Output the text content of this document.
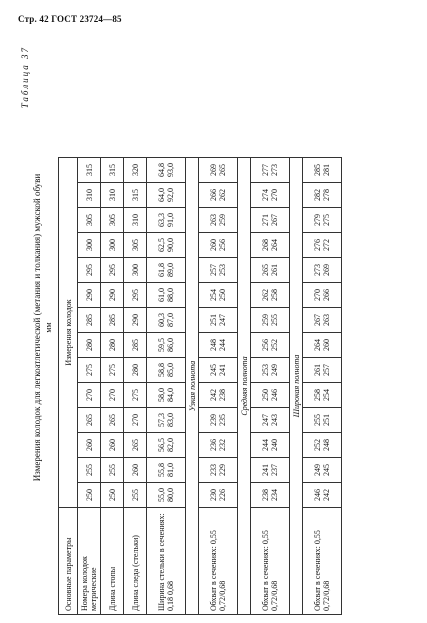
Стр. 42 ГОСТ 23724—85
Таблица 37
Измерения колодок для легкоатлетической (метания и толкания) мужской обуви мм
Основные параметры	Измерения колодок													
Номера колодок метрические	250	255	260	265	270	275	280	285	290	295	300	305	310	315
Длина стопы	250	255	260	265	270	275	280	285	290	295	300	305	310	315
Длина следа (стельки)	255	260	265	270	275	280	285	290	295	300	305	310	315	320
Ширина стельки в сечениях: 0,18 0,68	55,0 80,0	55,8 81,0	56,5 82,0	57,3 83,0	58,0 84,0	58,8 85,0	59,5 86,0	60,3 87,0	61,0 88,0	61,8 89,0	62,5 90,0	63,3 91,0	64,0 92,0	64,8 93,0

Узкая полнота														
Обхват в сечениях: 0,55 0,72/0,68	230 226	233 229	236 232	239 235	242 238	245 241	248 244	251 247	254 250	257 253	260 256	263 259	266 262	269 265

Средняя полнота														
Обхват в сечениях: 0,55 0,72/0,68	238 234	241 237	244 240	247 243	250 246	253 249	256 252	259 255	262 258	265 261	268 264	271 267	274 270	277 273

Широкая полнота														
Обхват в сечениях: 0,55 0,72/0,68	246 242	249 245	252 248	255 251	258 254	261 257	264 260	267 263	270 266	273 269	276 272	279 275	282 278	285 281
